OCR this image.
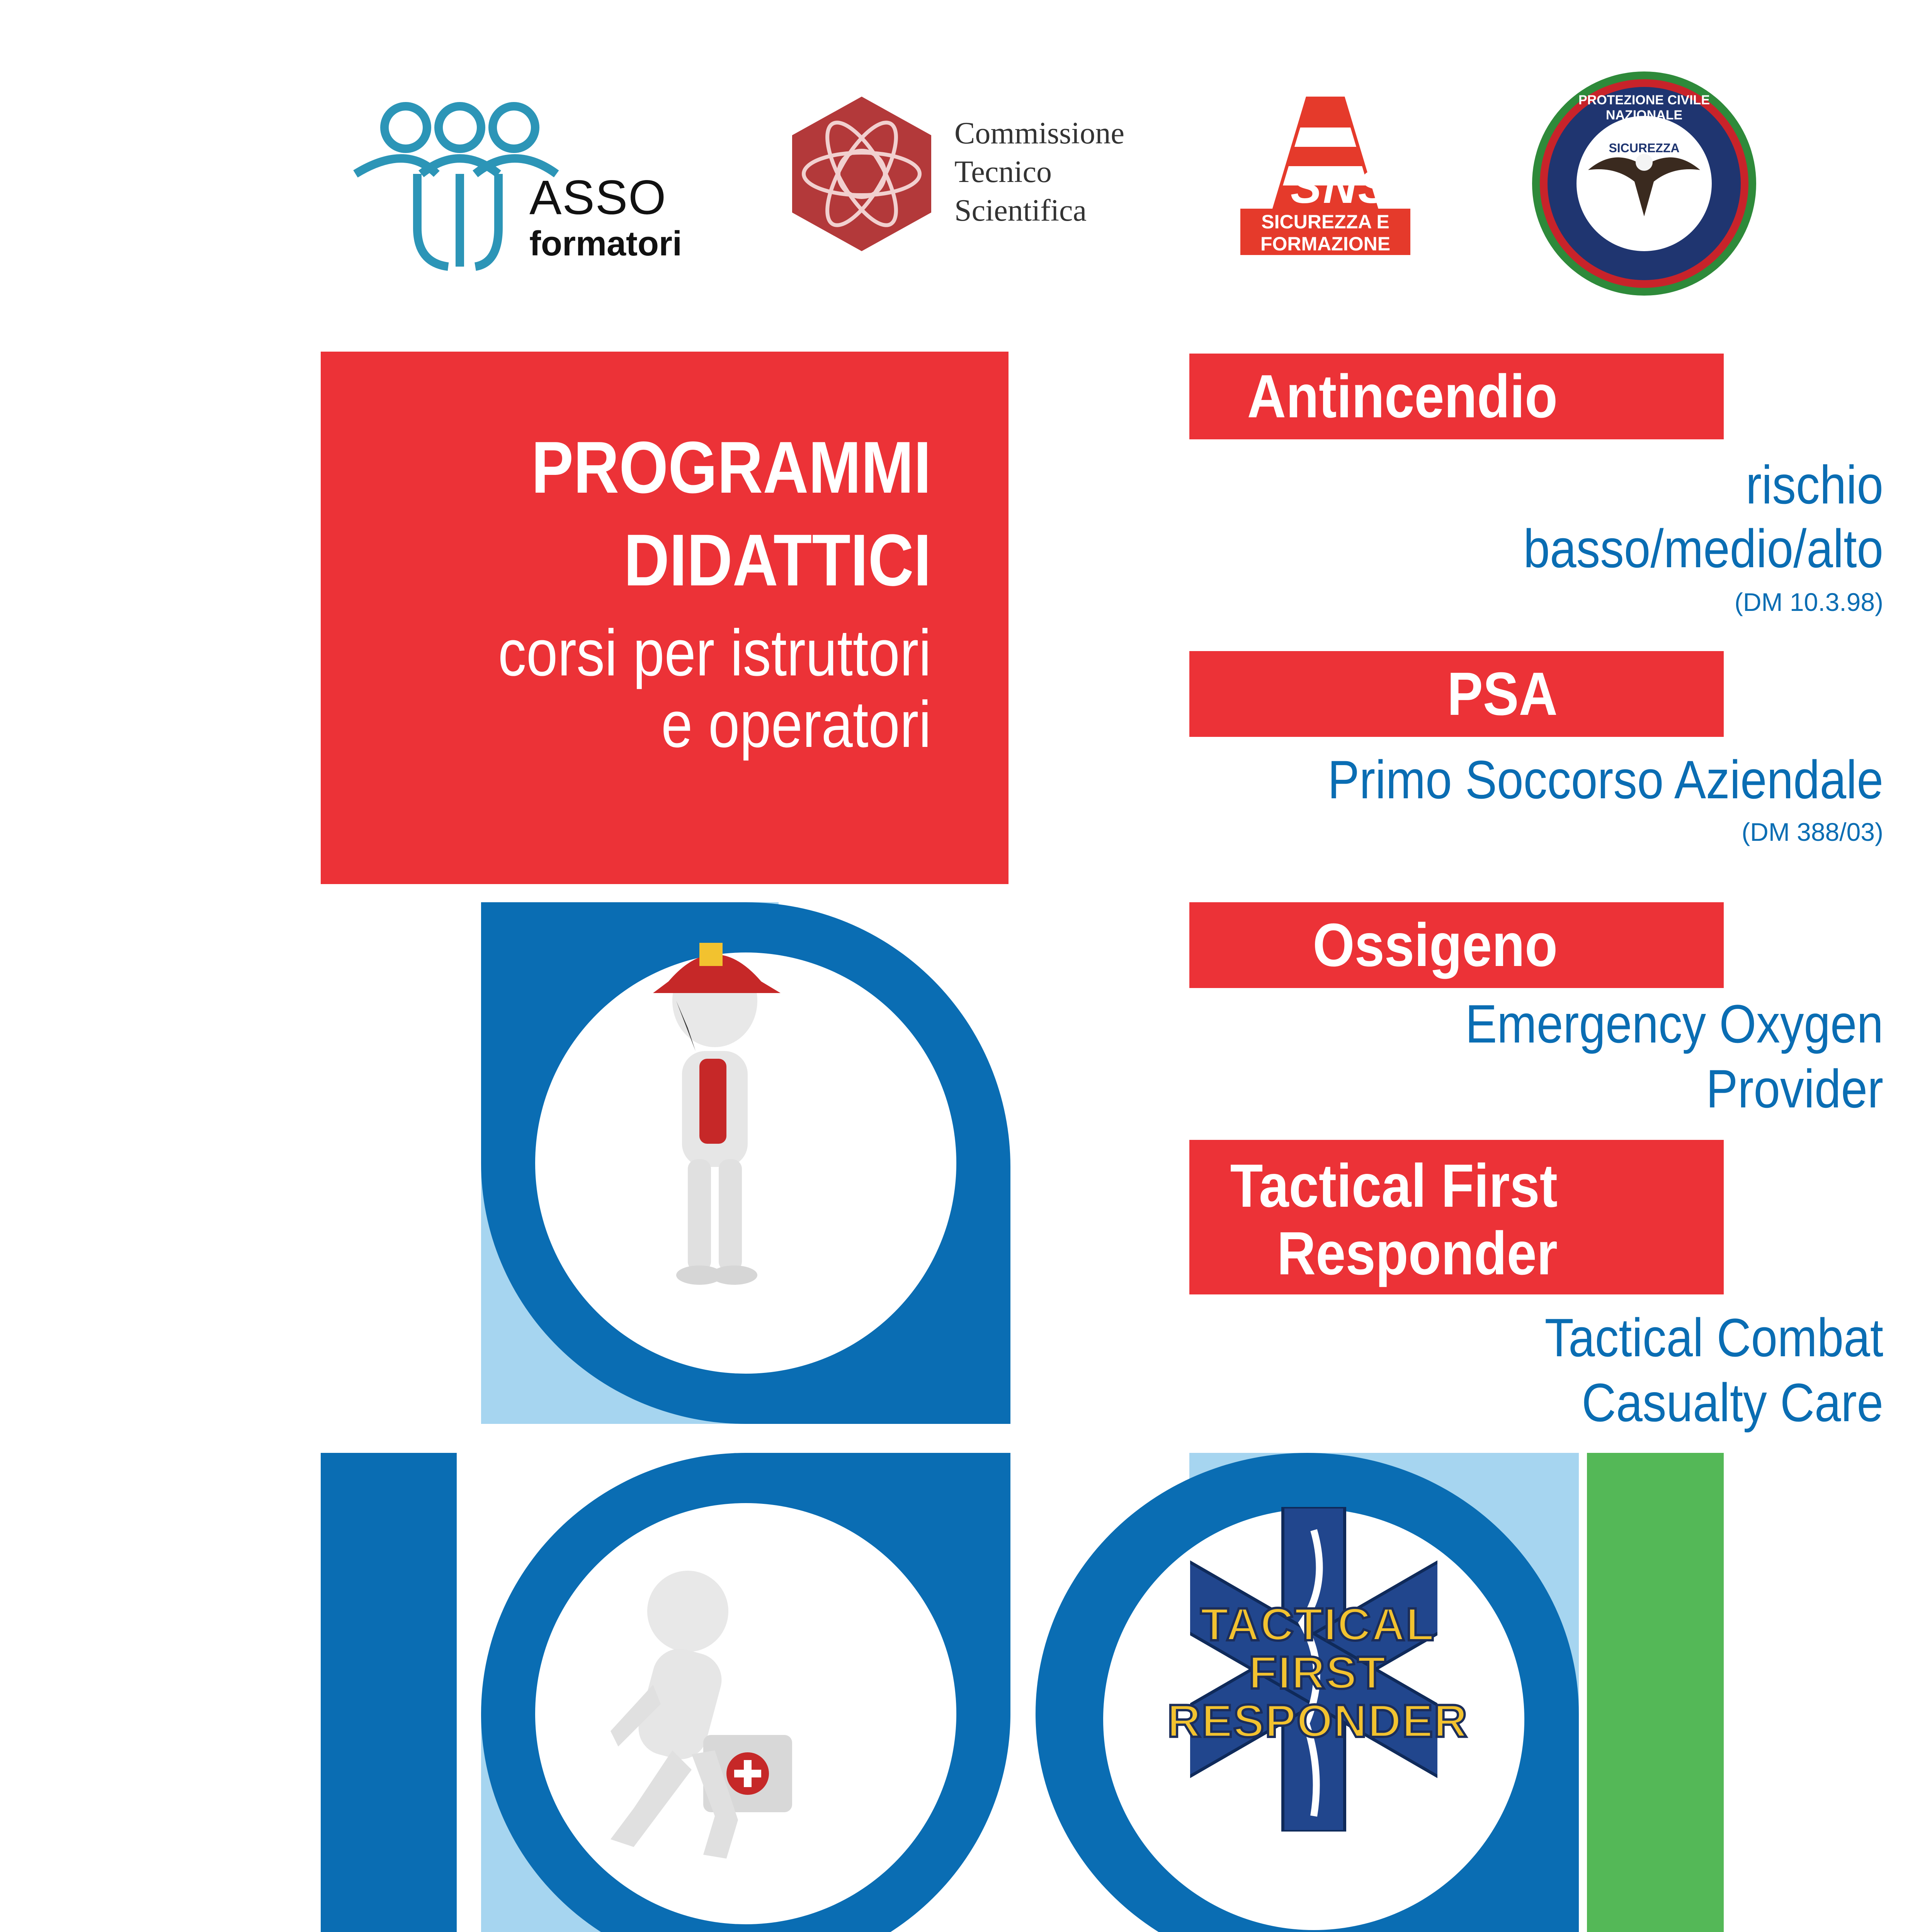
ASSO
formatori
Commissione
Tecnico
Scientifica	SNS
SICUREZZA E
FORMAZIONE
PROTEZIONE CIVILE NAZIONALE
SICUREZZA
PROGRAMMI
DIDATTICI
corsi per istruttori
e operatori
Antincendio
rischio
basso/medio/alto
(DM 10.3.98)
PSA
Primo Soccorso Aziendale
(DM 388/03)
Ossigeno
Emergency Oxygen
Provider
Tactical First
Responder
Tactical Combat
Casualty Care
TACTICAL
FIRST
RESPONDER
